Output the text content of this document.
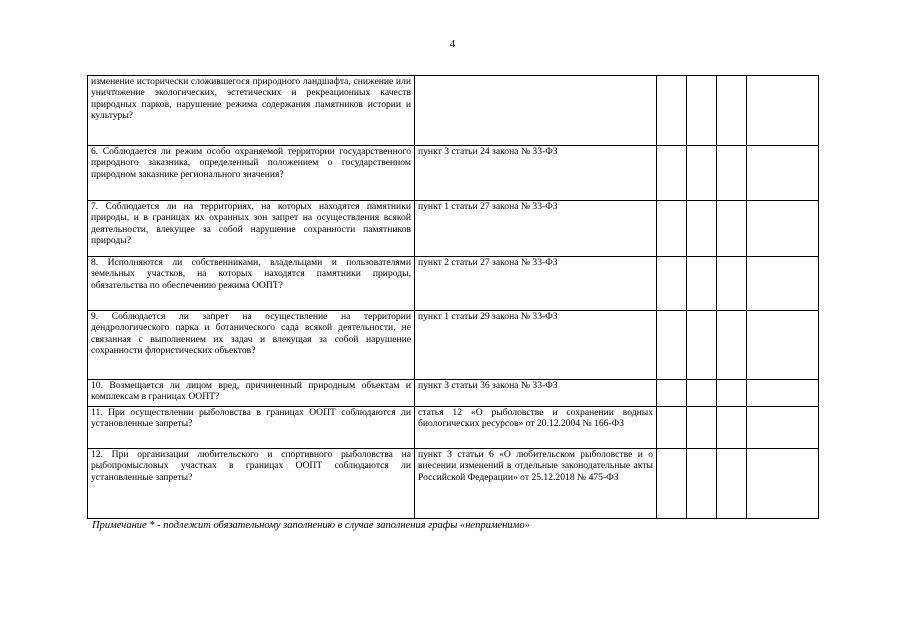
4
изменение исторически сложившегося природного ландшафта, снижение или уничтожение экологических, эстетических и рекреационных качеств природных парков, нарушение режима содержания памятников истории и культуры?					
6. Соблюдается ли режим особо охраняемой территории государственного природного заказника, определенный положением о государственном природном заказнике регионального значения?	пункт 3 статьи 24 закона № 33-ФЗ				
7. Соблюдается ли на территориях, на которых находятся памятники природы, и в границах их охранных зон запрет на осуществления всякой деятельности, влекущее за собой нарушение сохранности памятников природы?	пункт 1 статьи 27 закона № 33-ФЗ				
8. Исполняются ли собственниками, владельцами и пользователями земельных участков, на которых находятся памятники природы, обязательства по обеспечению режима ООПТ?	пункт 2 статьи 27 закона № 33-ФЗ				
9. Соблюдается ли запрет на осуществление на территории дендрологического парка и ботанического сада всякой деятельности, не связанная с выполнением их задач и влекущая за собой нарушение сохранности флористических объектов?	пункт 1 статьи 29 закона № 33-ФЗ				
10. Возмещается ли лицом вред, причиненный природным объектам и комплексам в границах ООПТ?	пункт 3 статьи 36 закона № 33-ФЗ				
11. При осуществлении рыболовства в границах ООПТ соблюдаются ли установленные запреты?	статья 12 «О рыболовстве и сохранении водных биологических ресурсов» от 20.12.2004 № 166-ФЗ				
12. При организации любительского и спортивного рыболовства на рыбопромысловых участках в границах ООПТ соблюдаются ли установленные запреты?	пункт 3 статьи 6 «О любительском рыболовстве и о внесении изменений в отдельные законодательные акты Российской Федерации» от 25.12.2018 № 475-ФЗ				
Примечание * - подлежит обязательному заполнению в случае заполнения графы «неприменимо»
